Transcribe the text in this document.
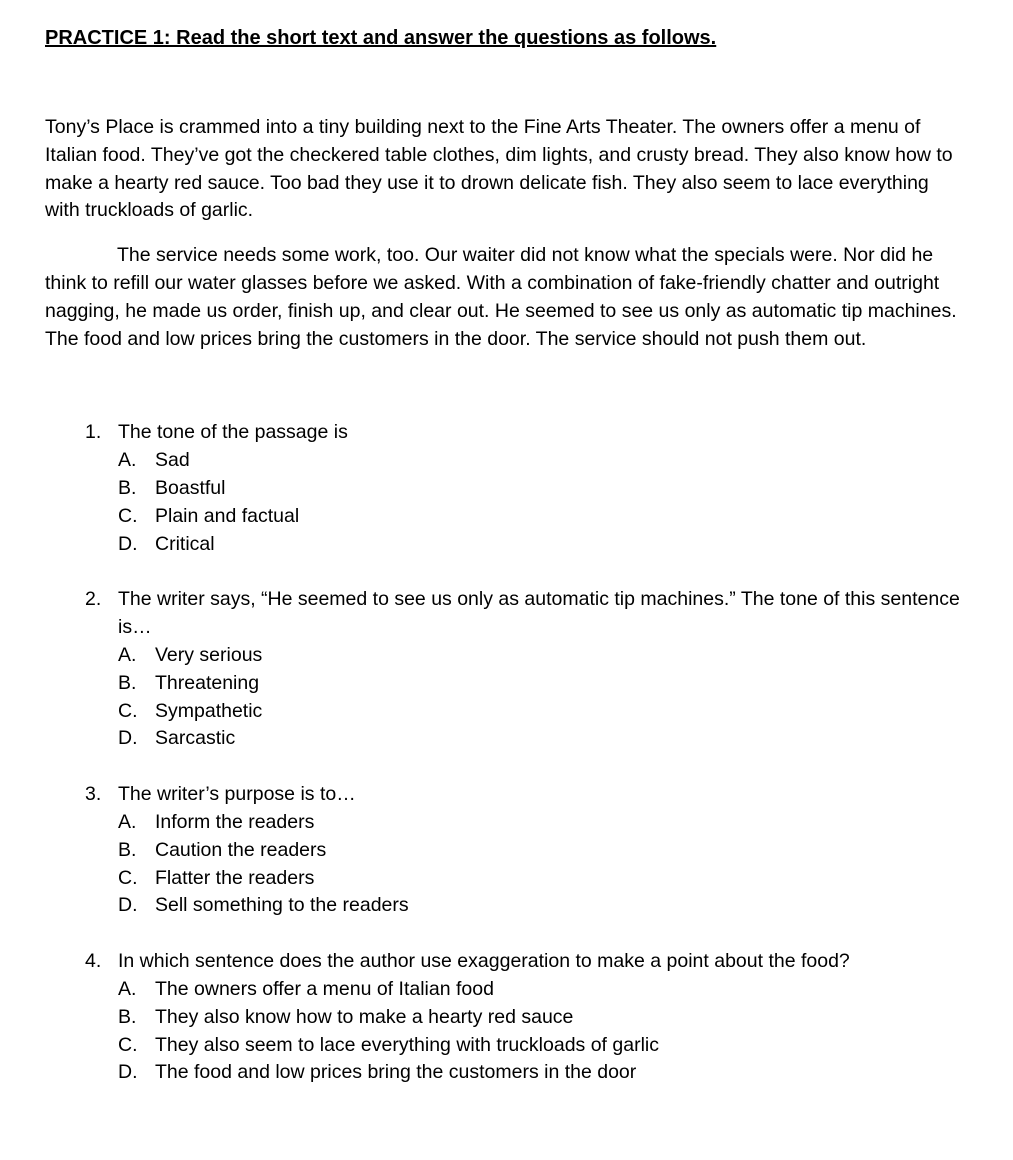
PRACTICE 1: Read the short text and answer the questions as follows.

Tony’s Place is crammed into a tiny building next to the Fine Arts Theater. The owners offer a menu of Italian food. They’ve got the checkered table clothes, dim lights, and crusty bread. They also know how to make a hearty red sauce. Too bad they use it to drown delicate fish. They also seem to lace everything with truckloads of garlic.

The service needs some work, too. Our waiter did not know what the specials were. Nor did he think to refill our water glasses before we asked. With a combination of fake-friendly chatter and outright nagging, he made us order, finish up, and clear out. He seemed to see us only as automatic tip machines. The food and low prices bring the customers in the door. The service should not push them out.

1. The tone of the passage is
A. Sad
B. Boastful
C. Plain and factual
D. Critical
2. The writer says, “He seemed to see us only as automatic tip machines.” The tone of this sentence is…
A. Very serious
B. Threatening
C. Sympathetic
D. Sarcastic
3. The writer’s purpose is to…
A. Inform the readers
B. Caution the readers
C. Flatter the readers
D. Sell something to the readers
4. In which sentence does the author use exaggeration to make a point about the food?
A. The owners offer a menu of Italian food
B. They also know how to make a hearty red sauce
C. They also seem to lace everything with truckloads of garlic
D. The food and low prices bring the customers in the door
